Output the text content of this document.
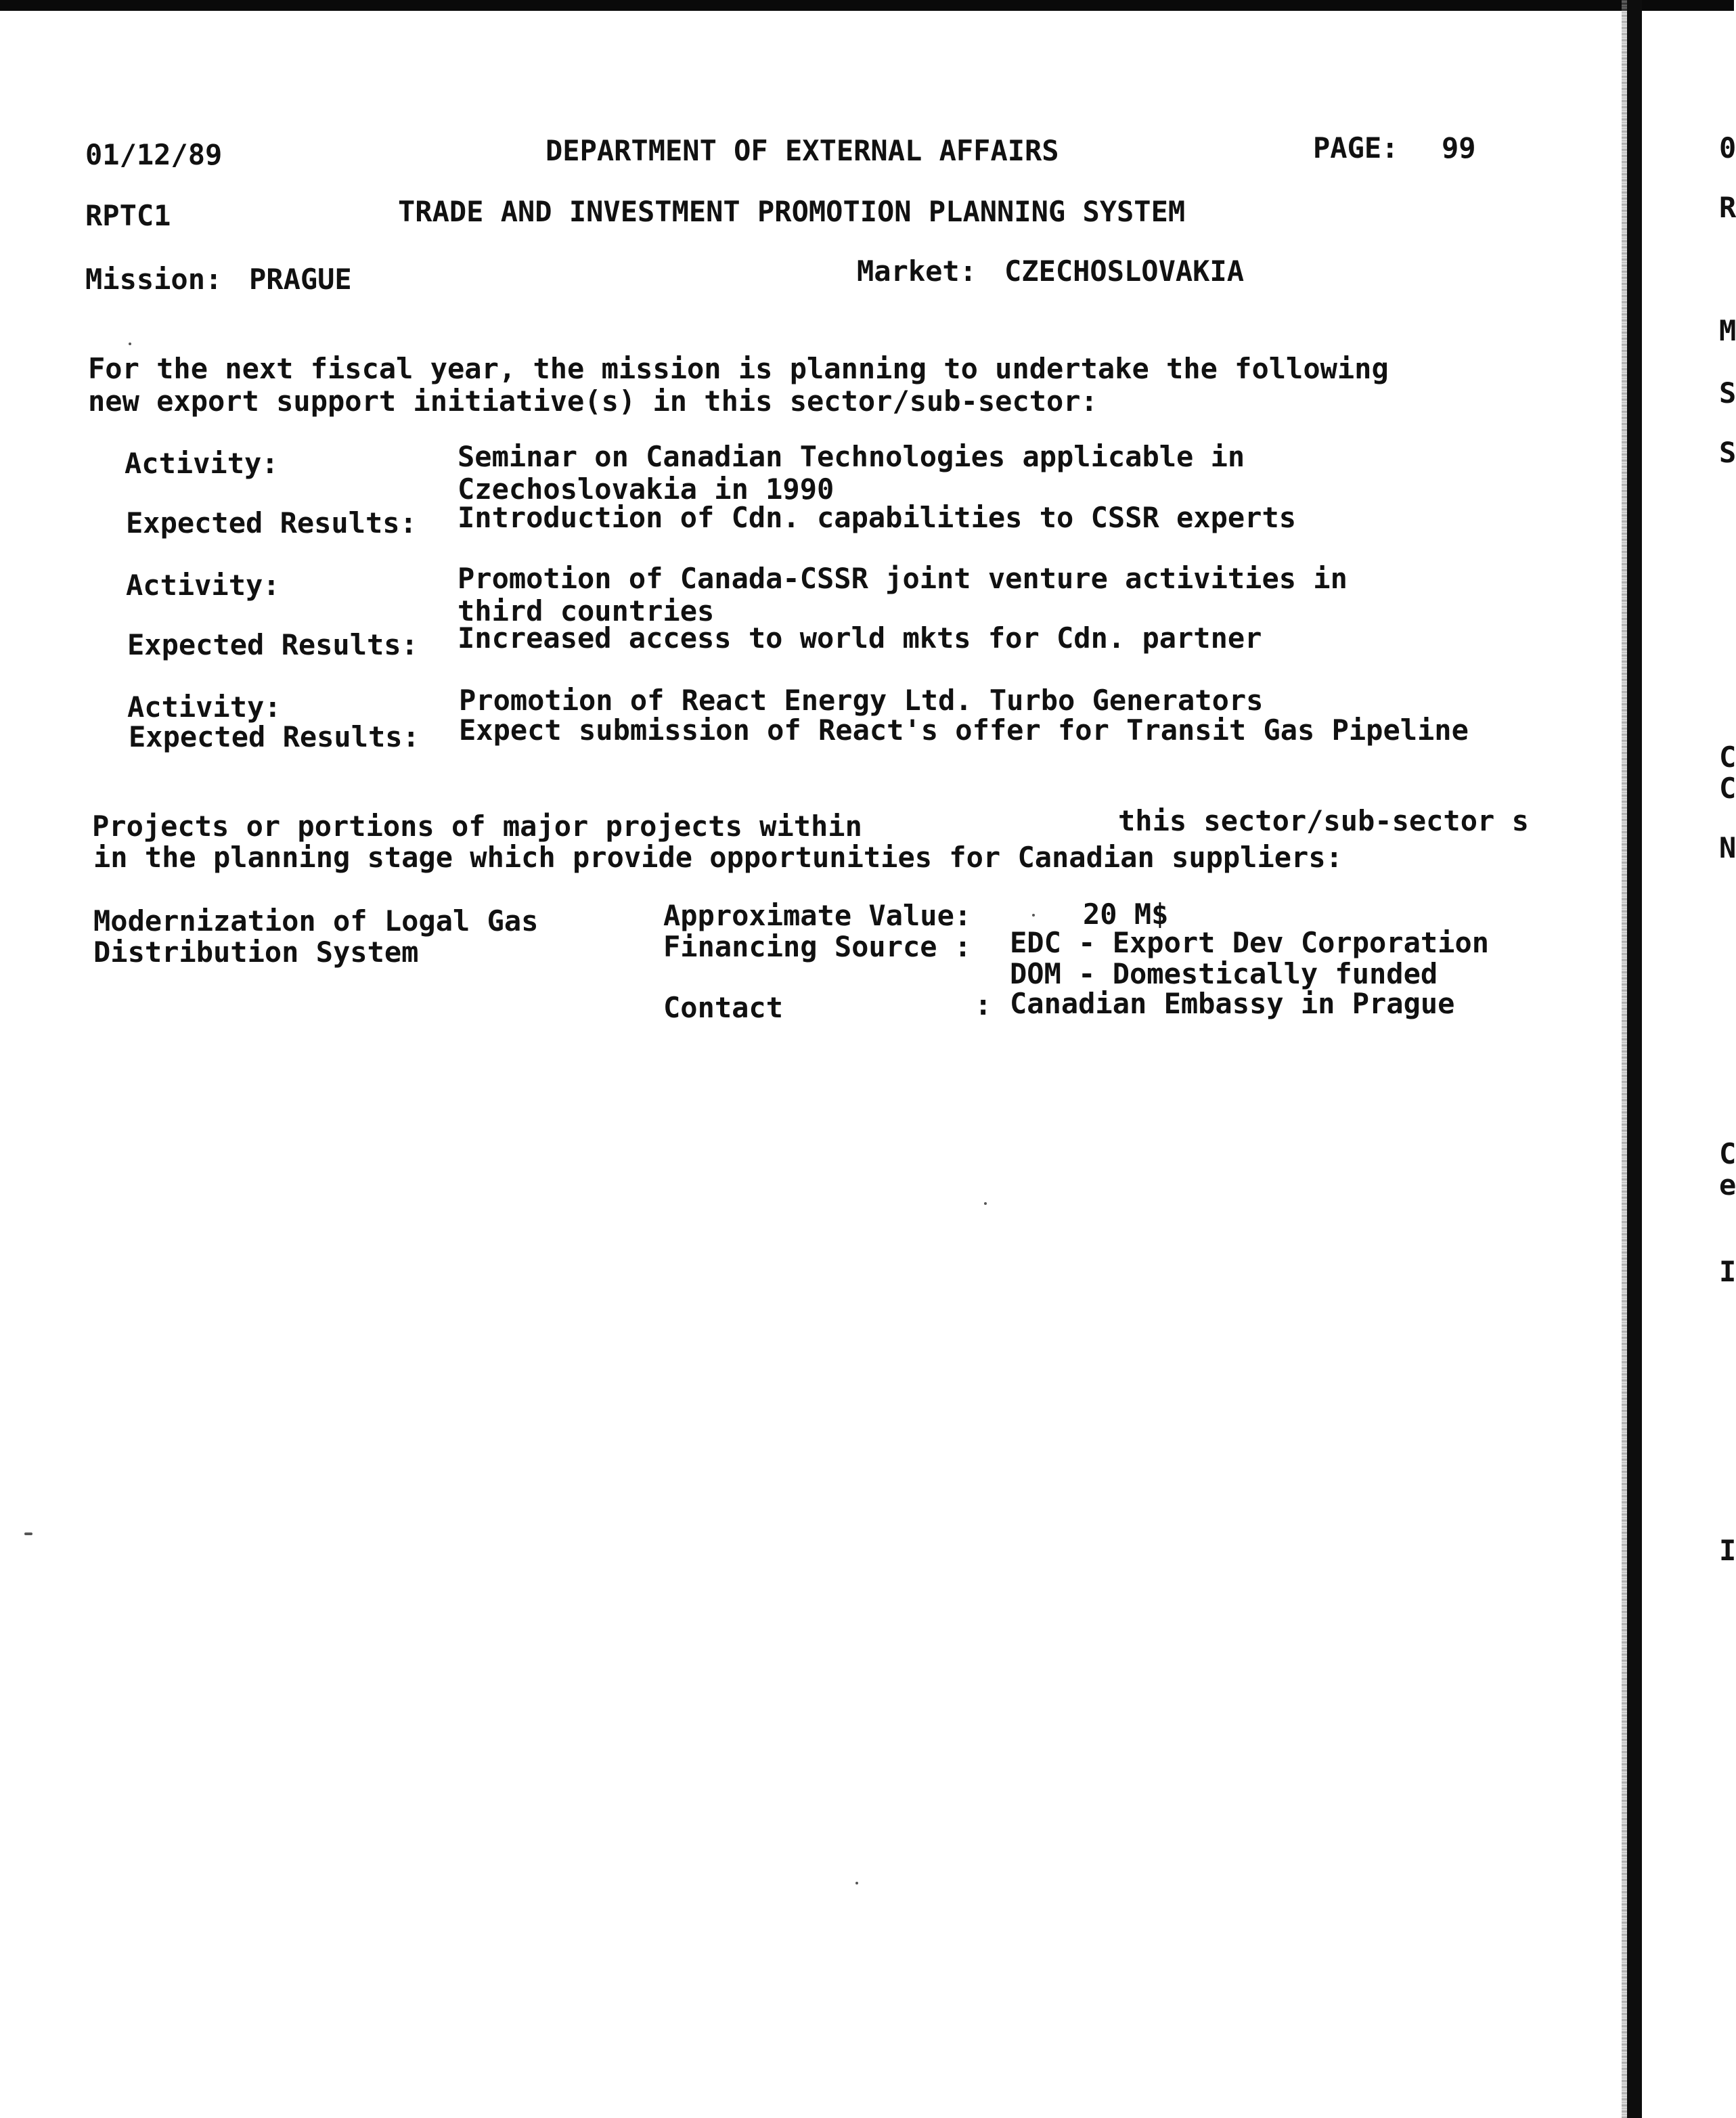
01/12/89	DEPARTMENT OF EXTERNAL AFFAIRS	PAGE: 99
RPTC1	TRADE AND INVESTMENT PROMOTION PLANNING SYSTEM
Mission: PRAGUE	Market: CZECHOSLOVAKIA
For the next fiscal year, the mission is planning to undertake the following
new export support initiative(s) in this sector/sub-sector:
Activity:	Seminar on Canadian Technologies applicable in
Czechoslovakia in 1990
Expected Results: Introduction of Cdn. capabilities to CSSR experts
Activity:	Promotion of Canada-CSSR joint venture activities in
third countries
Expected Results: Increased access to world mkts for Cdn. partner
Activity:	Promotion of React Energy Ltd. Turbo Generators
Expected Results: Expect submission of React's offer for Transit Gas Pipeline
Projects or portions of major projects within	this sector/sub-sector s
in the planning stage which provide opportunities for Canadian suppliers:
Modernization of Logal Gas
Distribution System
Approximate Value:	20 M$
Financing Source : EDC - Export Dev Corporation
DOM - Domestically funded
Contact	: Canadian Embassy in Prague
0
R
M
S
S
C
C
N
C
e
I
I
